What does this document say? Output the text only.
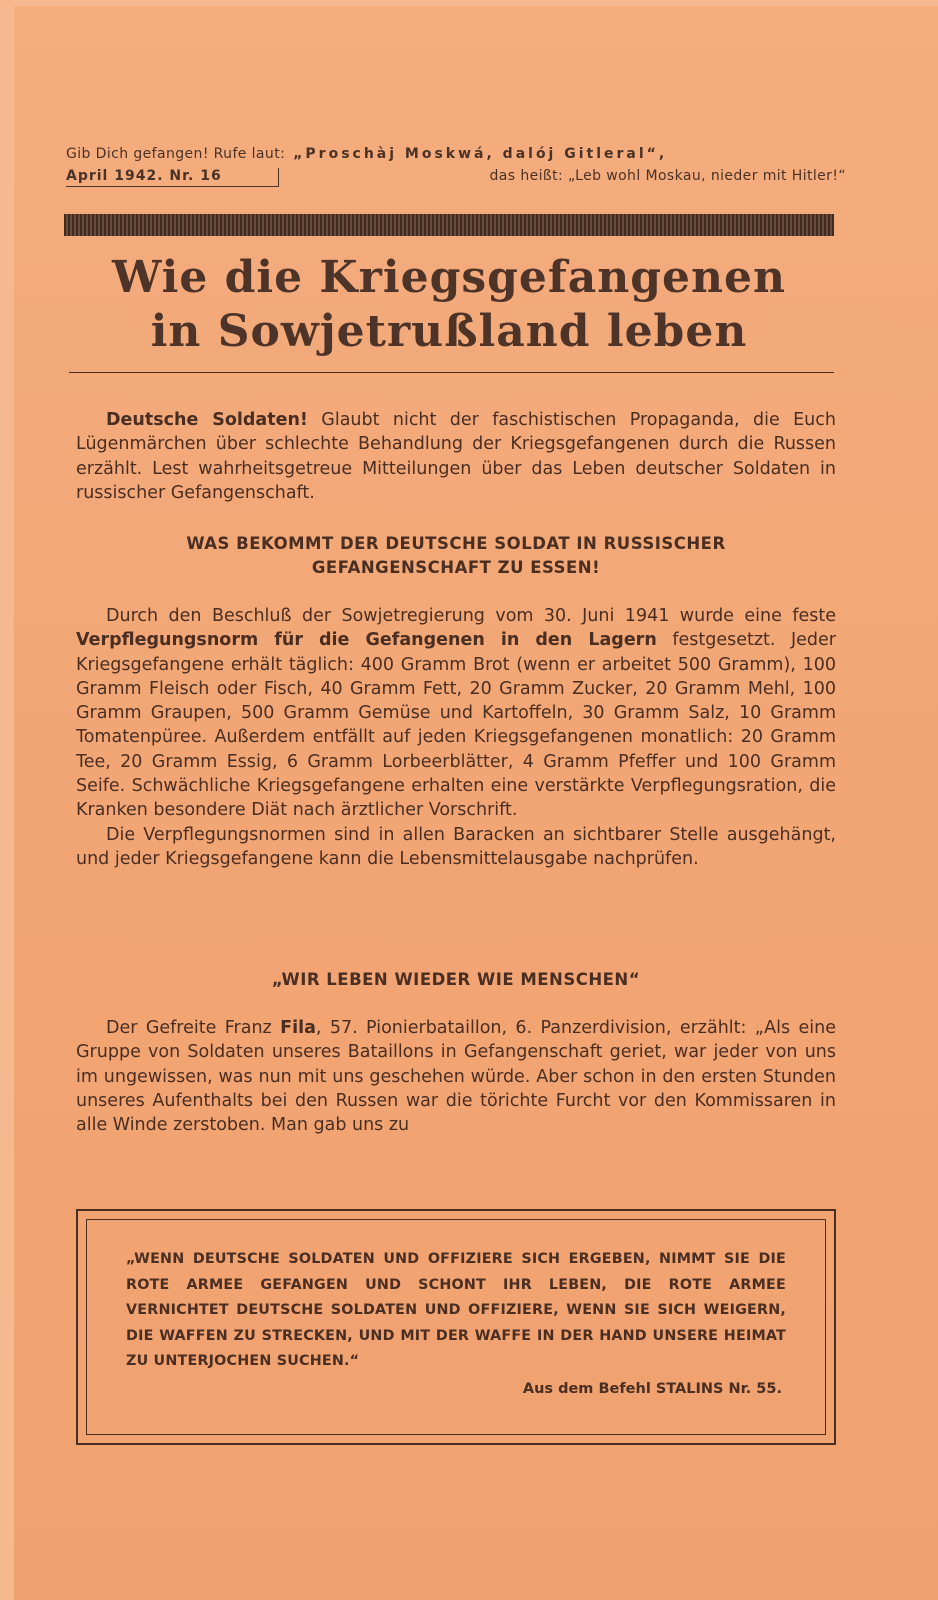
Gib Dich gefangen! Rufe laut: „Proschàj Moskwá, dalój Gitleral“,
April 1942. Nr. 16	das heißt: „Leb wohl Moskau, nieder mit Hitler!“
Wie die Kriegsgefangenen
in Sowjetrußland leben

Deutsche Soldaten! Glaubt nicht der faschistischen Propaganda, die Euch Lügenmärchen über schlechte Behandlung der Kriegsgefangenen durch die Russen erzählt. Lest wahrheitsgetreue Mitteilungen über das Leben deutscher Soldaten in russischer Gefangenschaft.

WAS BEKOMMT DER DEUTSCHE SOLDAT IN RUSSISCHER
GEFANGENSCHAFT ZU ESSEN!

Durch den Beschluß der Sowjetregierung vom 30. Juni 1941 wurde eine feste Verpflegungsnorm für die Gefangenen in den Lagern festgesetzt. Jeder Kriegsgefangene erhält täglich: 400 Gramm Brot (wenn er arbeitet 500 Gramm), 100 Gramm Fleisch oder Fisch, 40 Gramm Fett, 20 Gramm Zucker, 20 Gramm Mehl, 100 Gramm Graupen, 500 Gramm Gemüse und Kartoffeln, 30 Gramm Salz, 10 Gramm Tomatenpüree. Außerdem entfällt auf jeden Kriegsgefangenen monatlich: 20 Gramm Tee, 20 Gramm Essig, 6 Gramm Lorbeerblätter, 4 Gramm Pfeffer und 100 Gramm Seife. Schwächliche Kriegsgefangene erhalten eine verstärkte Verpflegungsration, die Kranken besondere Diät nach ärztlicher Vorschrift.

Die Verpflegungsnormen sind in allen Baracken an sichtbarer Stelle ausgehängt, und jeder Kriegsgefangene kann die Lebensmittelausgabe nachprüfen.

„WIR LEBEN WIEDER WIE MENSCHEN“

Der Gefreite Franz Fila, 57. Pionierbataillon, 6. Panzerdivision, erzählt: „Als eine Gruppe von Soldaten unseres Bataillons in Gefangenschaft geriet, war jeder von uns im ungewissen, was nun mit uns geschehen würde. Aber schon in den ersten Stunden unseres Aufenthalts bei den Russen war die törichte Furcht vor den Kommissaren in alle Winde zerstoben. Man gab uns zu

„WENN DEUTSCHE SOLDATEN UND OFFIZIERE SICH ERGEBEN, NIMMT SIE DIE ROTE ARMEE GEFANGEN UND SCHONT IHR LEBEN, DIE ROTE ARMEE VERNICHTET DEUTSCHE SOLDATEN UND OFFIZIERE, WENN SIE SICH WEIGERN, DIE WAFFEN ZU STRECKEN, UND MIT DER WAFFE IN DER HAND UNSERE HEIMAT ZU UNTERJOCHEN SUCHEN.“
Aus dem Befehl STALINS Nr. 55.
